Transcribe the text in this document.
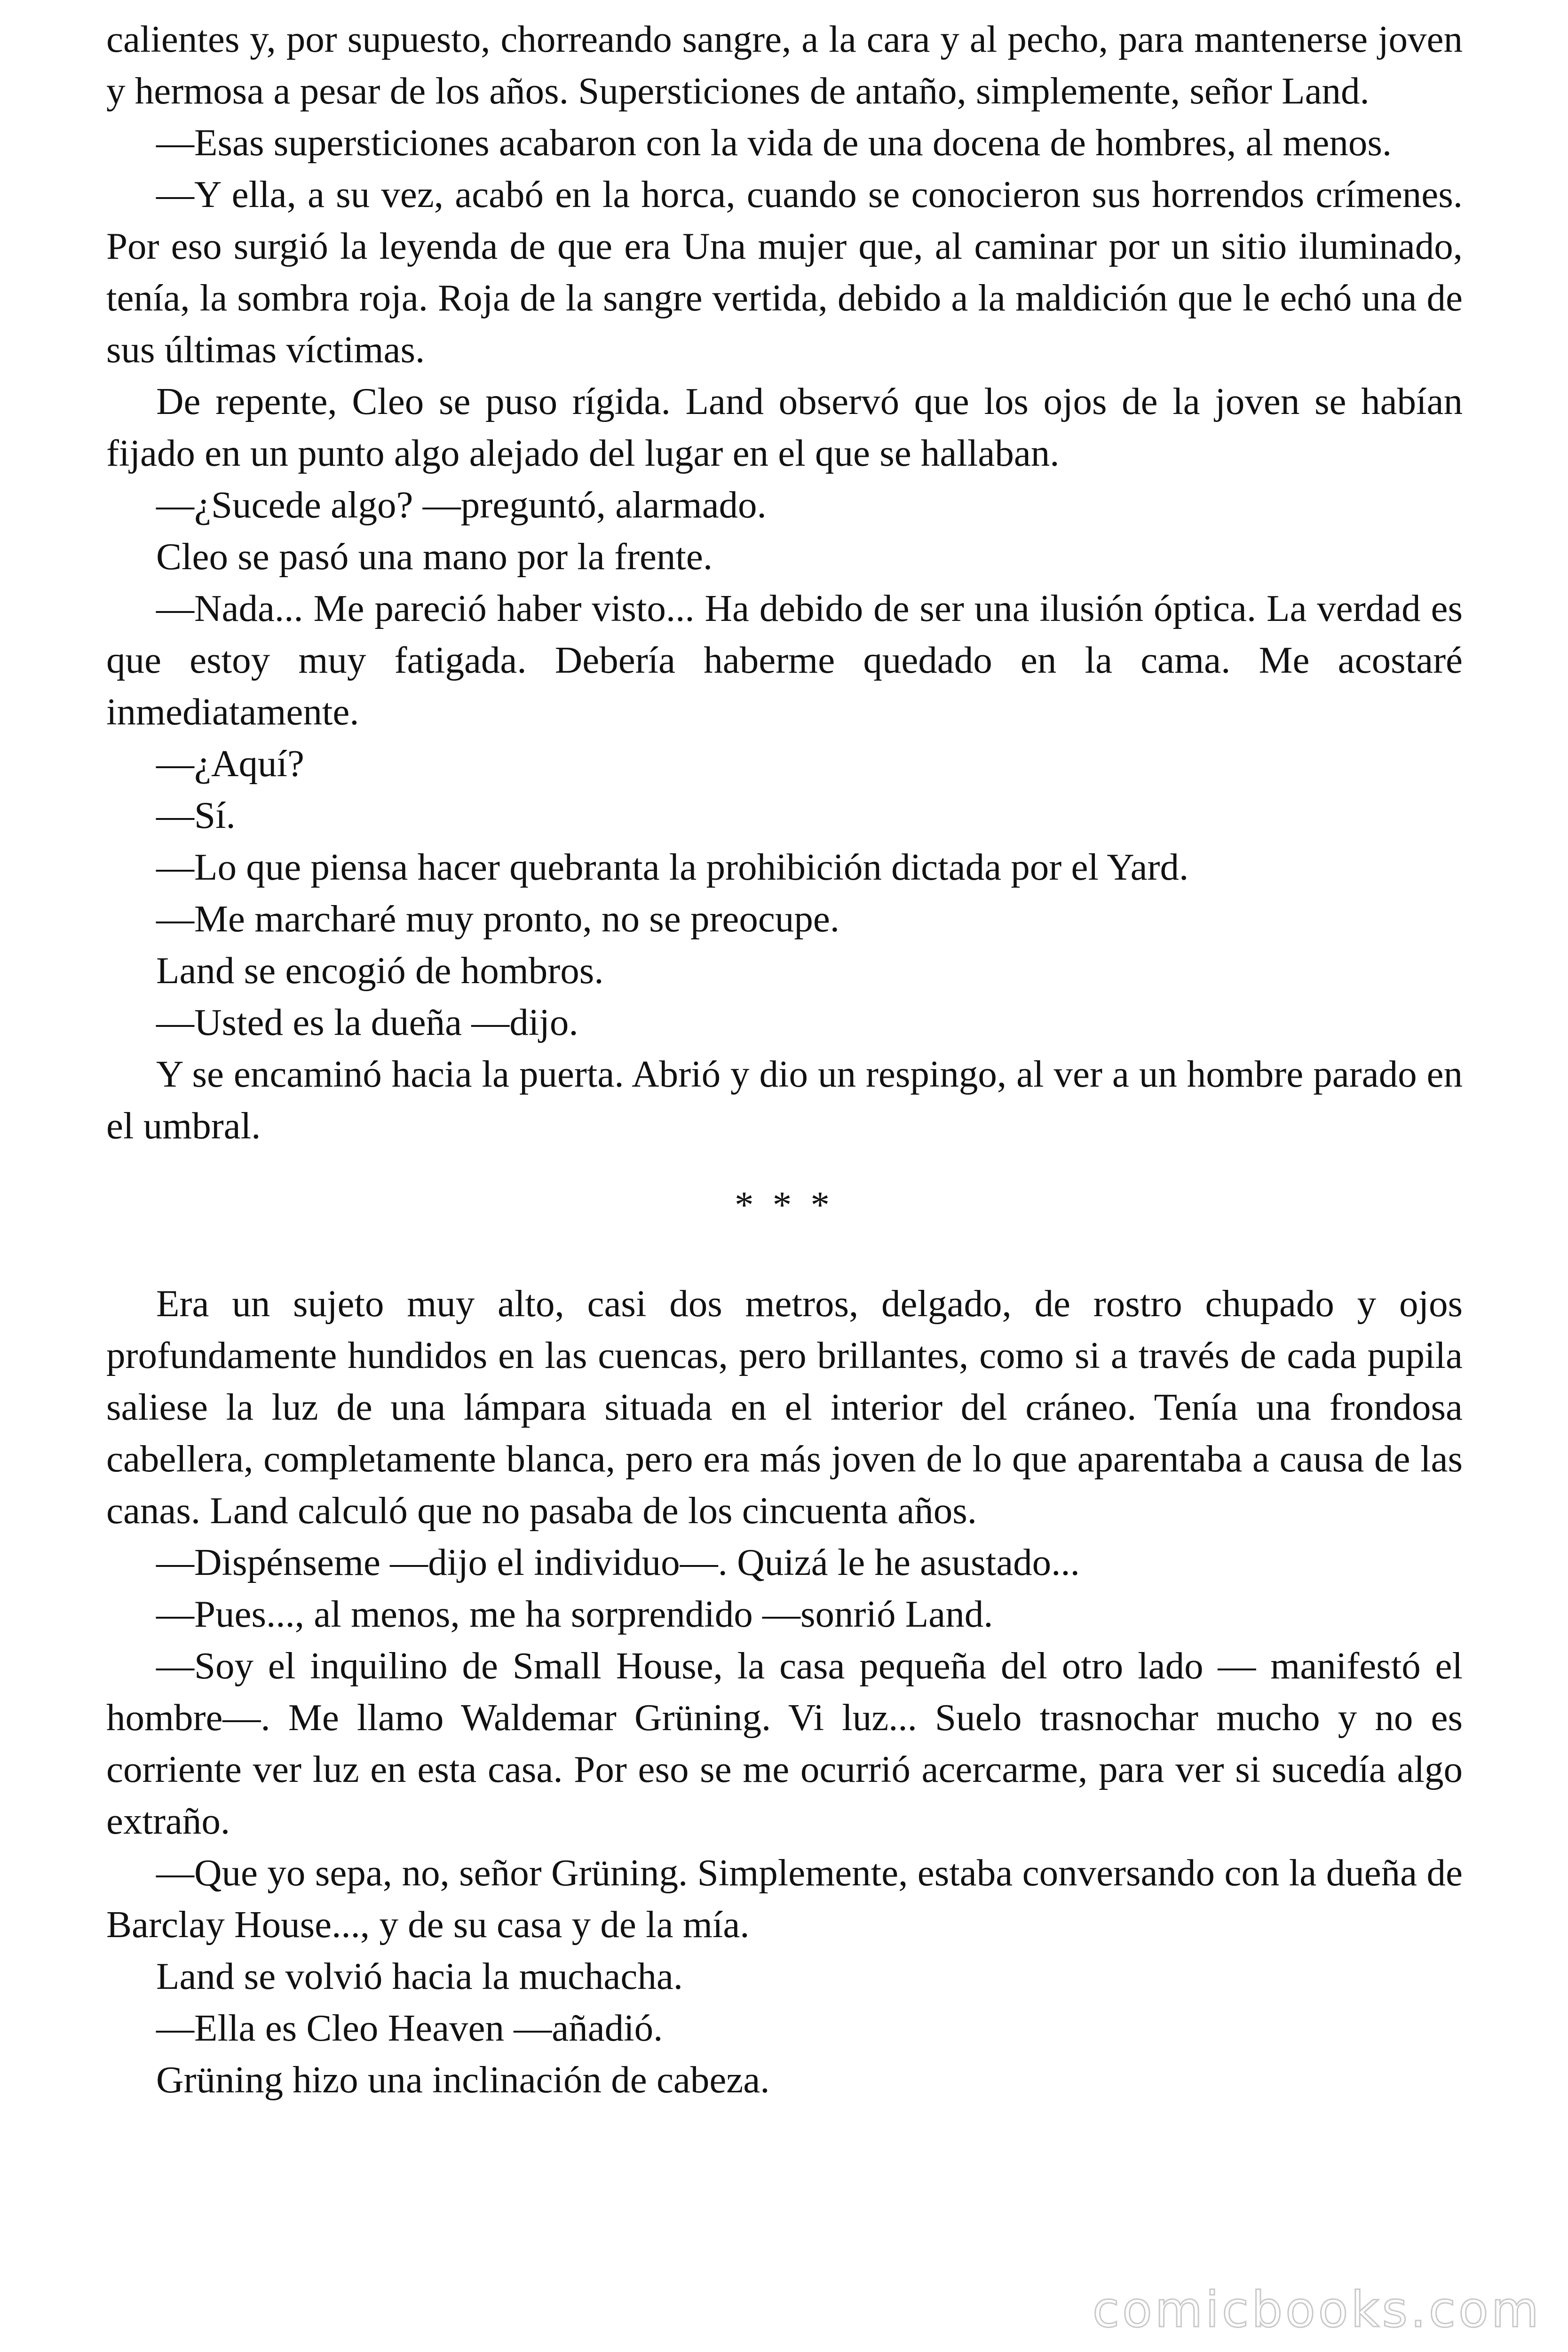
calientes y, por supuesto, chorreando sangre, a la cara y al pecho, para mantenerse joven y hermosa a pesar de los años. Supersticiones de antaño, simplemente, señor Land.

—Esas supersticiones acabaron con la vida de una docena de hombres, al menos.

—Y ella, a su vez, acabó en la horca, cuando se conocieron sus horrendos crímenes. Por eso surgió la leyenda de que era Una mujer que, al caminar por un sitio iluminado, tenía, la sombra roja. Roja de la sangre vertida, debido a la maldición que le echó una de sus últimas víctimas.

De repente, Cleo se puso rígida. Land observó que los ojos de la joven se habían fijado en un punto algo alejado del lugar en el que se hallaban.

—¿Sucede algo? —preguntó, alarmado.

Cleo se pasó una mano por la frente.

—Nada... Me pareció haber visto... Ha debido de ser una ilusión óptica. La verdad es que estoy muy fatigada. Debería haberme quedado en la cama. Me acostaré inmediatamente.

—¿Aquí?

—Sí.

—Lo que piensa hacer quebranta la prohibición dictada por el Yard.

—Me marcharé muy pronto, no se preocupe.

Land se encogió de hombros.

—Usted es la dueña —dijo.

Y se encaminó hacia la puerta. Abrió y dio un respingo, al ver a un hombre parado en el umbral.

* * *

Era un sujeto muy alto, casi dos metros, delgado, de rostro chupado y ojos profundamente hundidos en las cuencas, pero brillantes, como si a través de cada pupila saliese la luz de una lámpara situada en el interior del cráneo. Tenía una frondosa cabellera, completamente blanca, pero era más joven de lo que aparentaba a causa de las canas. Land calculó que no pasaba de los cincuenta años.

—Dispénseme —dijo el individuo—. Quizá le he asustado...

—Pues..., al menos, me ha sorprendido —sonrió Land.

—Soy el inquilino de Small House, la casa pequeña del otro lado — manifestó el hombre—. Me llamo Waldemar Grüning. Vi luz... Suelo trasnochar mucho y no es corriente ver luz en esta casa. Por eso se me ocurrió acercarme, para ver si sucedía algo extraño.

—Que yo sepa, no, señor Grüning. Simplemente, estaba conversando con la dueña de Barclay House..., y de su casa y de la mía.

Land se volvió hacia la muchacha.

—Ella es Cleo Heaven —añadió.

Grüning hizo una inclinación de cabeza.

comicbooks.com
